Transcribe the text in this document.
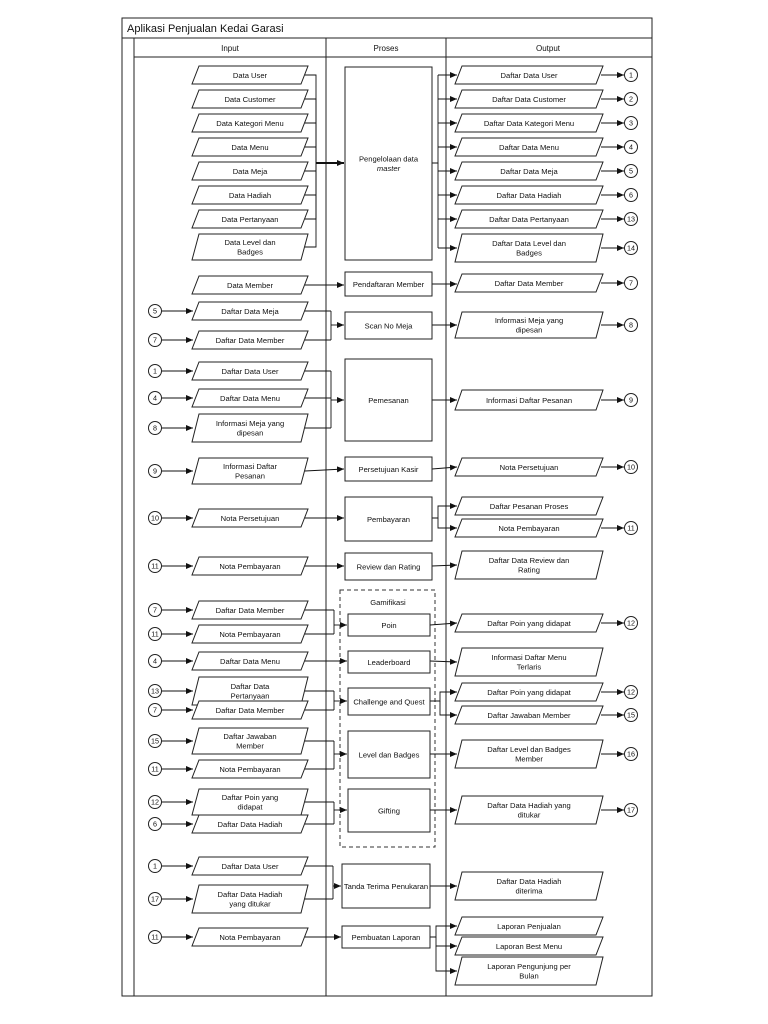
Aplikasi Penjualan Kedai Garasi
Input	Proses	Output
Gamifikasi
Data User
Data Customer
Data Kategori Menu
Data Menu
Data Meja
Data Hadiah
Data Pertanyaan
Data Level dan
Badges
Data Member
Daftar Data Meja
5
Daftar Data Member
7
Daftar Data User
1
Daftar Data Menu
4
Informasi Meja yang
dipesan
8
Informasi Daftar
Pesanan
9
Nota Persetujuan
10
Nota Pembayaran
11
Daftar Data Member
7
Nota Pembayaran
11
Daftar Data Menu
4
Daftar Data
Pertanyaan
13
Daftar Data Member
7
Daftar Jawaban
Member
15
Nota Pembayaran
11
Daftar Poin yang
didapat
12
Daftar Data Hadiah
6
Daftar Data User
1
Daftar Data Hadiah
yang ditukar
17
Nota Pembayaran
11
Pengelolaan data
master
Pendaftaran Member
Scan No Meja
Pemesanan
Persetujuan Kasir
Pembayaran
Review dan Rating
Poin
Leaderboard
Challenge and Quest
Level dan Badges
Gifting
Tanda Terima Penukaran
Pembuatan Laporan
Daftar Data User	1
Daftar Data Customer	2
Daftar Data Kategori Menu	3
Daftar Data Menu	4
Daftar Data Meja	5
Daftar Data Hadiah	6
Daftar Data Pertanyaan	13
Daftar Data Level dan
Badges
14
Daftar Data Member	7
Informasi Meja yang
dipesan
8
Informasi Daftar Pesanan	9
Nota Persetujuan	10
Daftar Pesanan Proses
Nota Pembayaran	11
Daftar Data Review dan
Rating
Daftar Poin yang didapat	12
Informasi Daftar Menu
Terlaris
Daftar Poin yang didapat	12
Daftar Jawaban Member	15
Daftar Level dan Badges
Member
16
Daftar Data Hadiah yang
ditukar
17
Daftar Data Hadiah
diterima
Laporan Penjualan
Laporan Best Menu
Laporan Pengunjung per
Bulan
